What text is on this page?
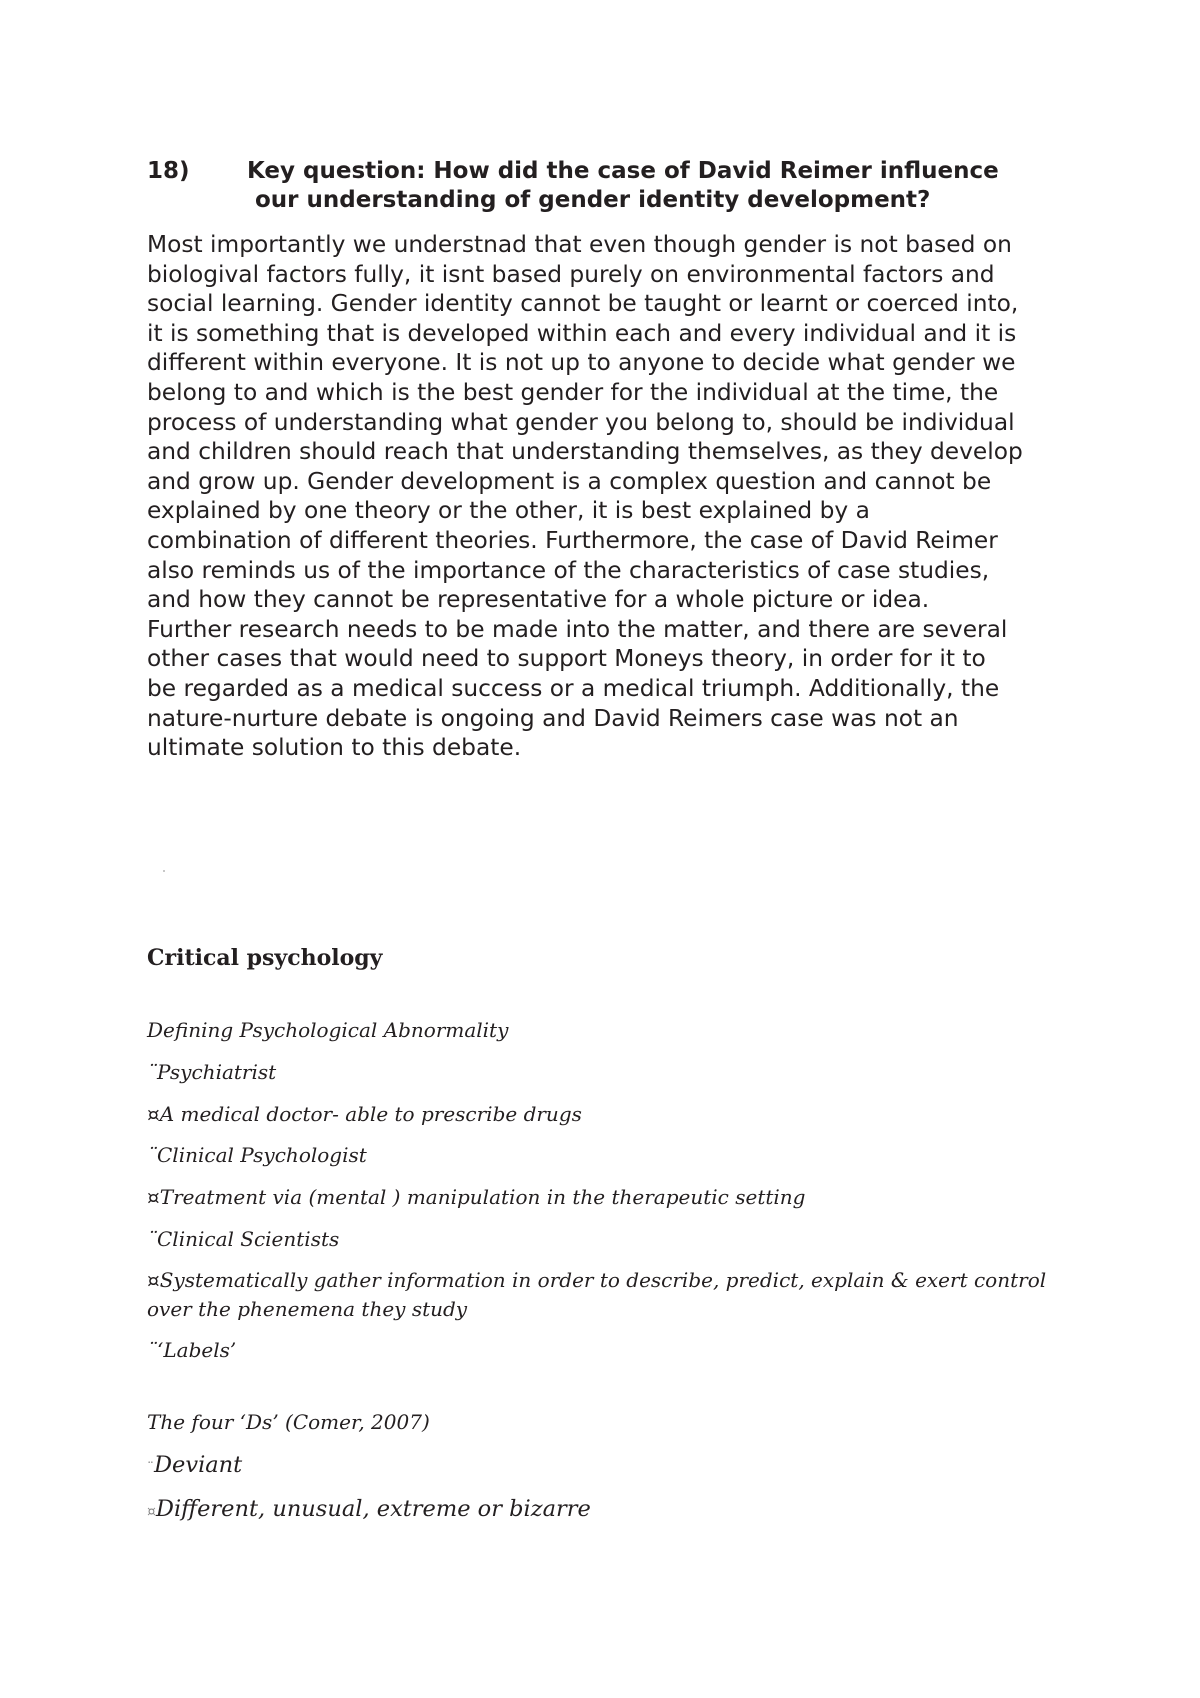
18) Key question: How did the case of David Reimer influence
our understanding of gender identity development?

Most importantly we understnad that even though gender is not based on
biologival factors fully, it isnt based purely on environmental factors and
social learning. Gender identity cannot be taught or learnt or coerced into,
it is something that is developed within each and every individual and it is
different within everyone. It is not up to anyone to decide what gender we
belong to and which is the best gender for the individual at the time, the
process of understanding what gender you belong to, should be individual
and children should reach that understanding themselves, as they develop
and grow up. Gender development is a complex question and cannot be
explained by one theory or the other, it is best explained by a
combination of different theories. Furthermore, the case of David Reimer
also reminds us of the importance of the characteristics of case studies,
and how they cannot be representative for a whole picture or idea.
Further research needs to be made into the matter, and there are several
other cases that would need to support Moneys theory, in order for it to
be regarded as a medical success or a medical triumph. Additionally, the
nature-nurture debate is ongoing and David Reimers case was not an
ultimate solution to this debate.

Critical psychology
Defining Psychological Abnormality
¨Psychiatrist
¤A medical doctor- able to prescribe drugs
¨Clinical Psychologist
¤Treatment via (mental ) manipulation in the therapeutic setting
¨Clinical Scientists
¤Systematically gather information in order to describe, predict, explain & exert control
over the phenemena they study
¨‘Labels’
The four ‘Ds’ (Comer, 2007)
¨Deviant
¤Different, unusual, extreme or bizarre
